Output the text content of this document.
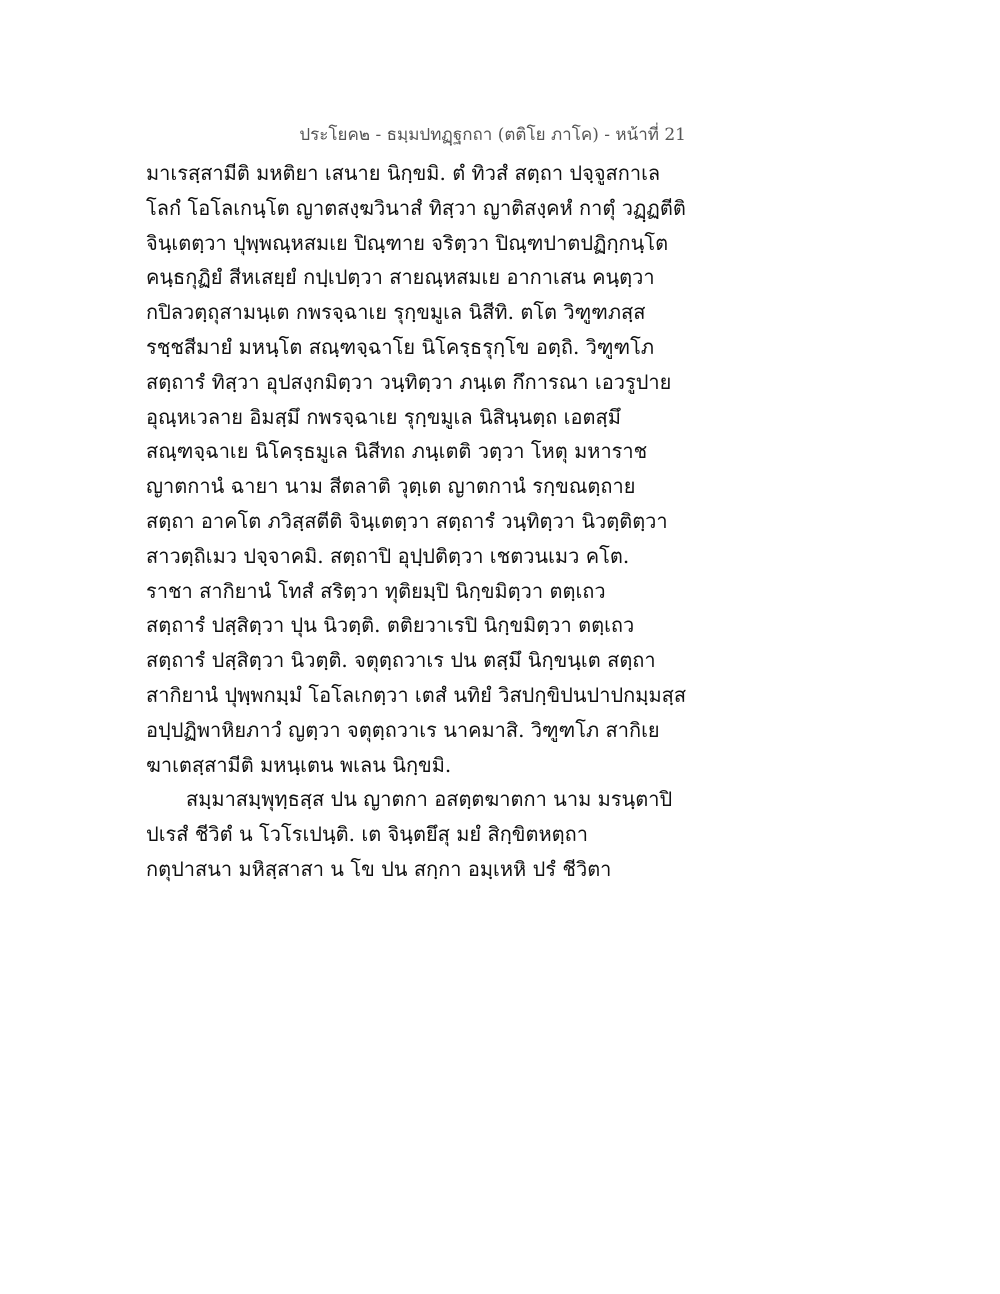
ประโยค๒ - ธมฺมปทฏฺฐกถา (ตติโย ภาโค) - หน้าที่ 21
มาเรสฺสามีติ มหติยา เสนาย นิกฺขมิ. ตํ ทิวสํ สตฺถา ปจฺจูสกาเล
โลกํ โอโลเกนฺโต ญาตสงฺฆวินาสํ ทิสฺวา ญาติสงฺคหํ กาตุํ วฏฺฏตีติ
จินฺเตตฺวา ปุพฺพณฺหสมเย ปิณฺฑาย จริตฺวา ปิณฺฑปาตปฏิกฺกนฺโต
คนฺธกุฏิยํ สีหเสยฺยํ กปฺเปตฺวา สายณฺหสมเย อากาเสน คนฺตฺวา
กปิลวตฺถุสามนฺเต กพรจฺฉาเย รุกฺขมูเล นิสีทิ. ตโต วิฑูฑภสฺส
รชฺชสีมายํ มหนฺโต สณฺฑจฺฉาโย นิโครฺธรุกฺโข อตฺถิ. วิฑูฑโภ
สตฺถารํ ทิสฺวา อุปสงฺกมิตฺวา วนฺทิตฺวา ภนฺเต กึการณา เอวรูปาย
อุณฺหเวลาย อิมสฺมึ กพรจฺฉาเย รุกฺขมูเล นิสินฺนตฺถ เอตสฺมึ
สณฺฑจฺฉาเย นิโครฺธมูเล นิสีทถ ภนฺเตติ วตฺวา โหตุ มหาราช
ญาตกานํ ฉายา นาม สีตลาติ วุตฺเต ญาตกานํ รกฺขณตฺถาย
สตฺถา อาคโต ภวิสฺสตีติ จินฺเตตฺวา สตฺถารํ วนฺทิตฺวา นิวตฺติตฺวา
สาวตฺถิเมว ปจฺจาคมิ. สตฺถาปิ อุปฺปติตฺวา เชตวนเมว คโต.
ราชา สากิยานํ โทสํ สริตฺวา ทุติยมฺปิ นิกฺขมิตฺวา ตตฺเถว
สตฺถารํ ปสฺสิตฺวา ปุน นิวตฺติ. ตติยวาเรปิ นิกฺขมิตฺวา ตตฺเถว
สตฺถารํ ปสฺสิตฺวา นิวตฺติ. จตุตฺถวาเร ปน ตสฺมึ นิกฺขนฺเต สตฺถา
สากิยานํ ปุพฺพกมฺมํ โอโลเกตฺวา เตสํ นทิยํ วิสปกฺขิปนปาปกมฺมสฺส
อปฺปฏิพาหิยภาวํ ญตฺวา จตุตฺถวาเร นาคมาสิ. วิฑูฑโภ สากิเย
ฆาเตสฺสามีติ มหนฺเตน พเลน นิกฺขมิ.
สมฺมาสมฺพุทฺธสฺส ปน ญาตกา อสตฺตฆาตกา นาม มรนฺตาปิ
ปเรสํ ชีวิตํ น โวโรเปนฺติ. เต จินฺตยึสุ มยํ สิกฺขิตหตฺถา
กตุปาสนา มหิสฺสาสา น โข ปน สกฺกา อมฺเหหิ ปรํ ชีวิตา
